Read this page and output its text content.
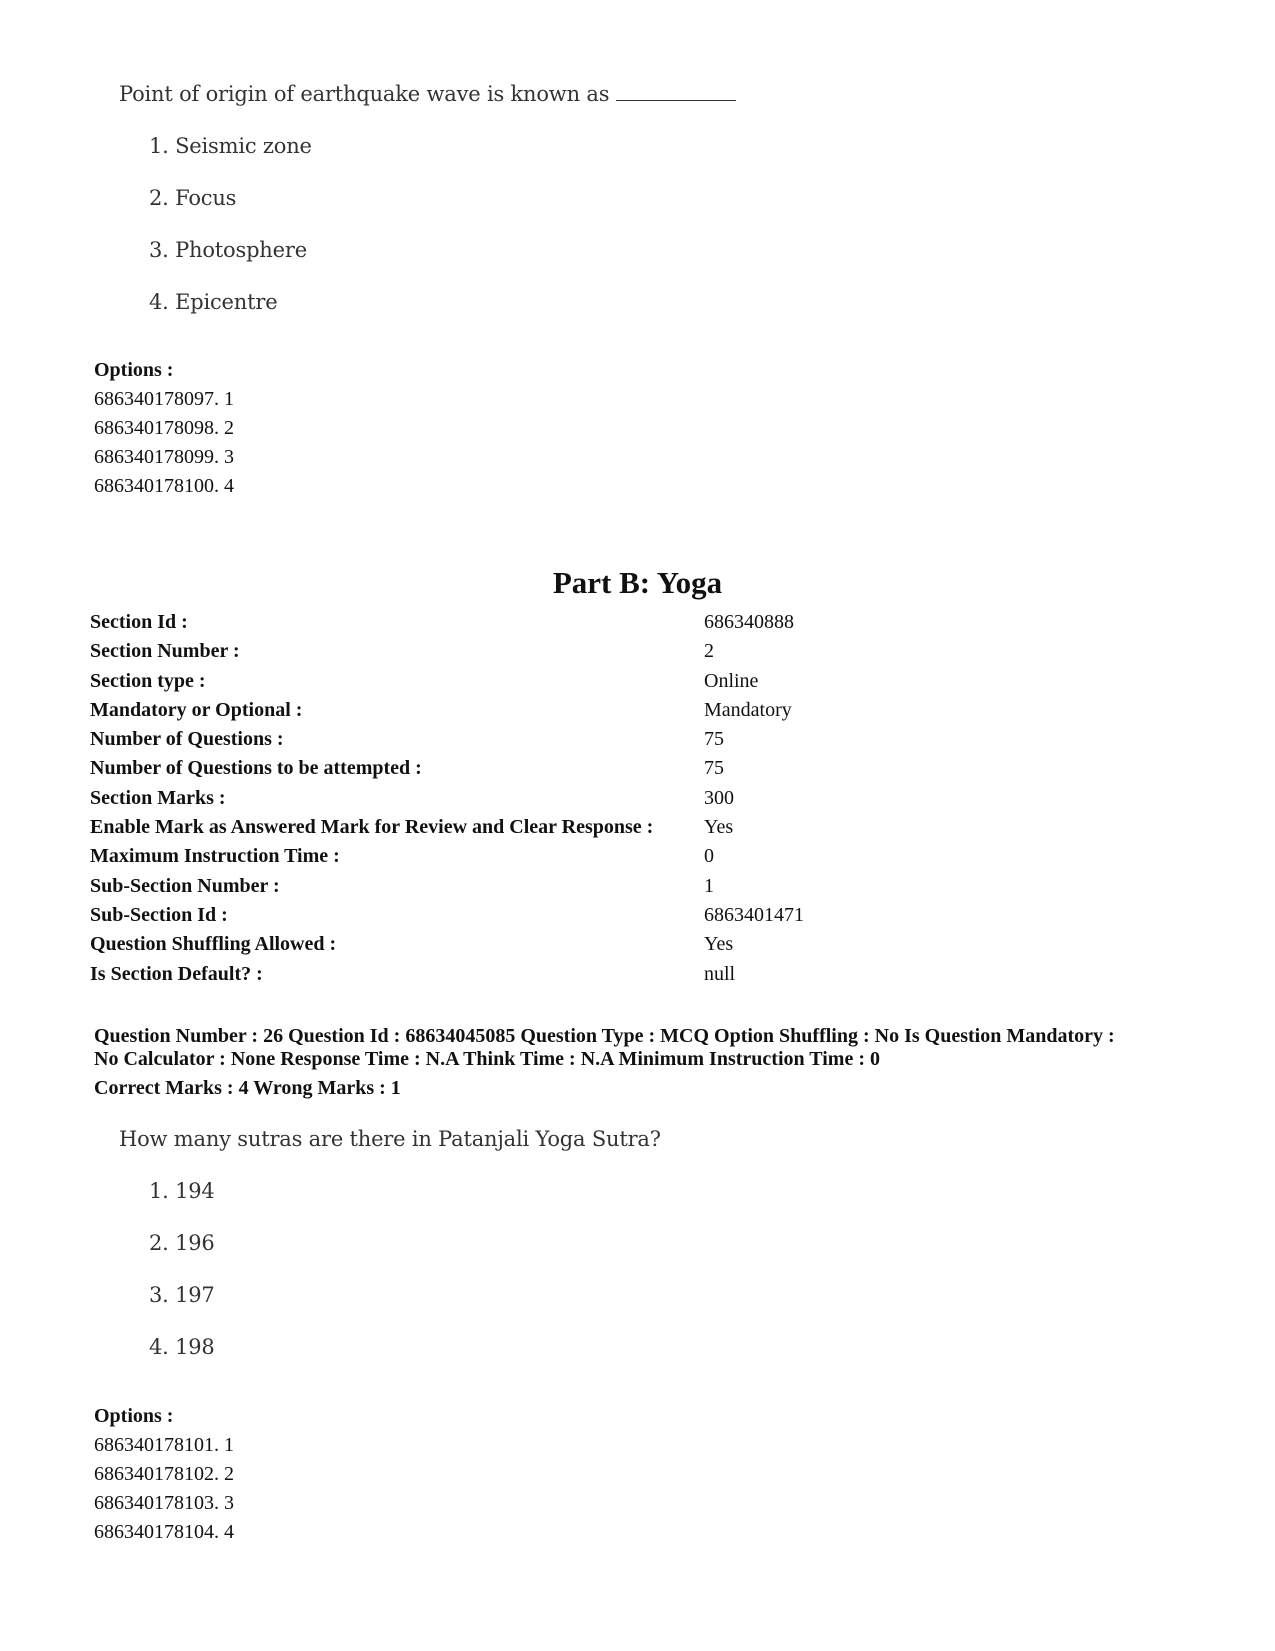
Point of origin of earthquake wave is known as
1. Seismic zone
2. Focus
3. Photosphere
4. Epicentre
Options :
686340178097. 1
686340178098. 2
686340178099. 3
686340178100. 4
Part B: Yoga
Section Id :	686340888
Section Number :	2
Section type :	Online
Mandatory or Optional :	Mandatory
Number of Questions :	75
Number of Questions to be attempted :	75
Section Marks :	300
Enable Mark as Answered Mark for Review and Clear Response :	Yes
Maximum Instruction Time :	0
Sub-Section Number :	1
Sub-Section Id :	6863401471
Question Shuffling Allowed :	Yes
Is Section Default? :	null
Question Number : 26 Question Id : 68634045085 Question Type : MCQ Option Shuffling : No Is Question Mandatory :
No Calculator : None Response Time : N.A Think Time : N.A Minimum Instruction Time : 0
Correct Marks : 4 Wrong Marks : 1
How many sutras are there in Patanjali Yoga Sutra?
1. 194
2. 196
3. 197
4. 198
Options :
686340178101. 1
686340178102. 2
686340178103. 3
686340178104. 4
